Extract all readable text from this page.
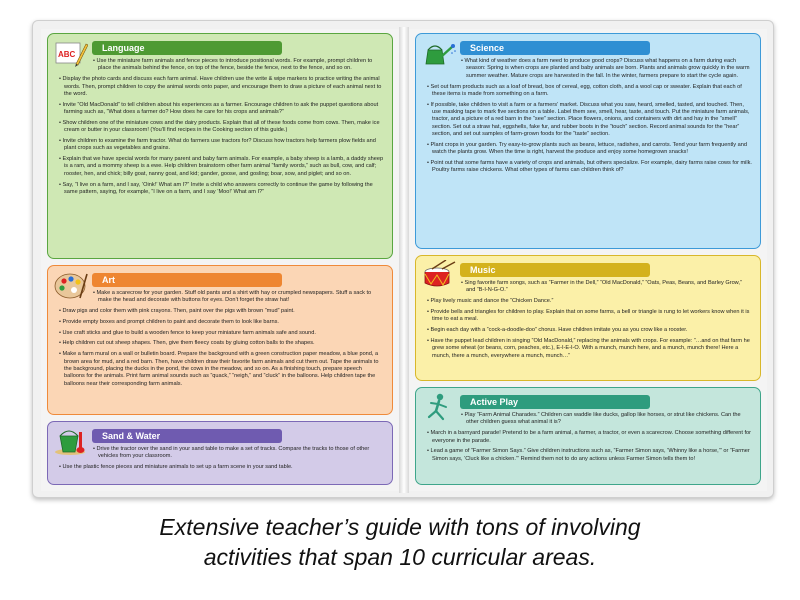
ABC
Language

• Use the miniature farm animals and fence pieces to introduce positional words. For example, prompt children to place the animals behind the fence, on top of the fence, beside the fence, next to the fence, and so on.

• Display the photo cards and discuss each farm animal. Have children use the write & wipe markers to practice writing the animal words. Then, prompt children to copy the animal words onto paper, and encourage them to draw a picture of each animal next to the word.

• Invite “Old MacDonald” to tell children about his experiences as a farmer. Encourage children to ask the puppet questions about farming such as, “What does a farmer do? How does he care for his crops and animals?”

• Show children one of the miniature cows and the dairy products. Explain that all of these foods come from cows. Then, make ice cream or butter in your classroom! (You’ll find recipes in the Cooking section of this guide.)

• Invite children to examine the farm tractor. What do farmers use tractors for? Discuss how tractors help farmers plow fields and plant crops such as vegetables and grains.

• Explain that we have special words for many parent and baby farm animals. For example, a baby sheep is a lamb, a daddy sheep is a ram, and a mommy sheep is a ewe. Help children brainstorm other farm animal “family words,” such as bull, cow, and calf; rooster, hen, and chick; billy goat, nanny goat, and kid; gander, goose, and gosling; boar, sow, and piglet; and so on.

• Say, “I live on a farm, and I say, ‘Oink!’ What am I?” Invite a child who answers correctly to continue the game by following the same pattern, saying, for example, “I live on a farm, and I say ‘Moo!’ What am I?”

Art

• Make a scarecrow for your garden. Stuff old pants and a shirt with hay or crumpled newspapers. Stuff a sack to make the head and decorate with buttons for eyes. Don’t forget the straw hat!

• Draw pigs and color them with pink crayons. Then, paint over the pigs with brown “mud” paint.

• Provide empty boxes and prompt children to paint and decorate them to look like barns.

• Use craft sticks and glue to build a wooden fence to keep your miniature farm animals safe and sound.

• Help children cut out sheep shapes. Then, give them fleecy coats by gluing cotton balls to the shapes.

• Make a farm mural on a wall or bulletin board. Prepare the background with a green construction paper meadow, a blue pond, a brown area for mud, and a red barn. Then, have children draw their favorite farm animals and cut them out. Tape the animals to the background, placing the ducks in the pond, the cows in the meadow, and so on. As a finishing touch, prepare speech balloons for the animals. Print farm animal sounds such as “quack,” “neigh,” and “cluck” in the balloons. Help children tape the balloons near their corresponding farm animals.

Sand & Water

• Drive the tractor over the sand in your sand table to make a set of tracks. Compare the tracks to those of other vehicles from your classroom.

• Use the plastic fence pieces and miniature animals to set up a farm scene in your sand table.

Science

• What kind of weather does a farm need to produce good crops? Discuss what happens on a farm during each season: Spring is when crops are planted and baby animals are born. Plants and animals grow quickly in the warm summer weather. Mature crops are harvested in the fall. In the winter, farmers prepare to start the cycle again.

• Set out farm products such as a loaf of bread, box of cereal, egg, cotton cloth, and a wool cap or sweater. Explain that each of these items is made from something on a farm.

• If possible, take children to visit a farm or a farmers’ market. Discuss what you saw, heard, smelled, tasted, and touched. Then, use masking tape to mark five sections on a table. Label them see, smell, hear, taste, and touch. Put the miniature farm animals, tractor, and a picture of a red barn in the “see” section. Place flowers, onions, and containers with dirt and hay in the “smell” section. Set out a straw hat, eggshells, fake fur, and rubber boots in the “touch” section. Record animal sounds for the “hear” section, and set out samples of farm-grown foods for the “taste” section.

• Plant crops in your garden. Try easy-to-grow plants such as beans, lettuce, radishes, and carrots. Tend your farm frequently and watch the plants grow. When the time is right, harvest the produce and enjoy some homegrown snacks!

• Point out that some farms have a variety of crops and animals, but others specialize. For example, dairy farms raise cows for milk. Poultry farms raise chickens. What other types of farms can children think of?

Music

• Sing favorite farm songs, such as “Farmer in the Dell,” “Old MacDonald,” “Oats, Peas, Beans, and Barley Grow,” and “B-I-N-G-O.”

• Play lively music and dance the “Chicken Dance.”

• Provide bells and triangles for children to play. Explain that on some farms, a bell or triangle is rung to let workers know when it is time to eat a meal.

• Begin each day with a “cock-a-doodle-doo” chorus. Have children imitate you as you crow like a rooster.

• Have the puppet lead children in singing “Old MacDonald,” replacing the animals with crops. For example: “…and on that farm he grew some wheat (or beans, corn, peaches, etc.), E-I-E-I-O. With a munch, munch here, and a munch, munch there! Here a munch, there a munch, everywhere a munch, munch…”

Active Play

• Play “Farm Animal Charades.” Children can waddle like ducks, gallop like horses, or strut like chickens. Can the other children guess what animal it is?

• March in a barnyard parade! Pretend to be a farm animal, a farmer, a tractor, or even a scarecrow. Choose something different for everyone in the parade.

• Lead a game of “Farmer Simon Says.” Give children instructions such as, “Farmer Simon says, ‘Whinny like a horse,’” or “Farmer Simon says, ‘Cluck like a chicken.’” Remind them not to do any actions unless Farmer Simon tells them to!

Extensive teacher’s guide with tons of involving
activities that span 10 curricular areas.
